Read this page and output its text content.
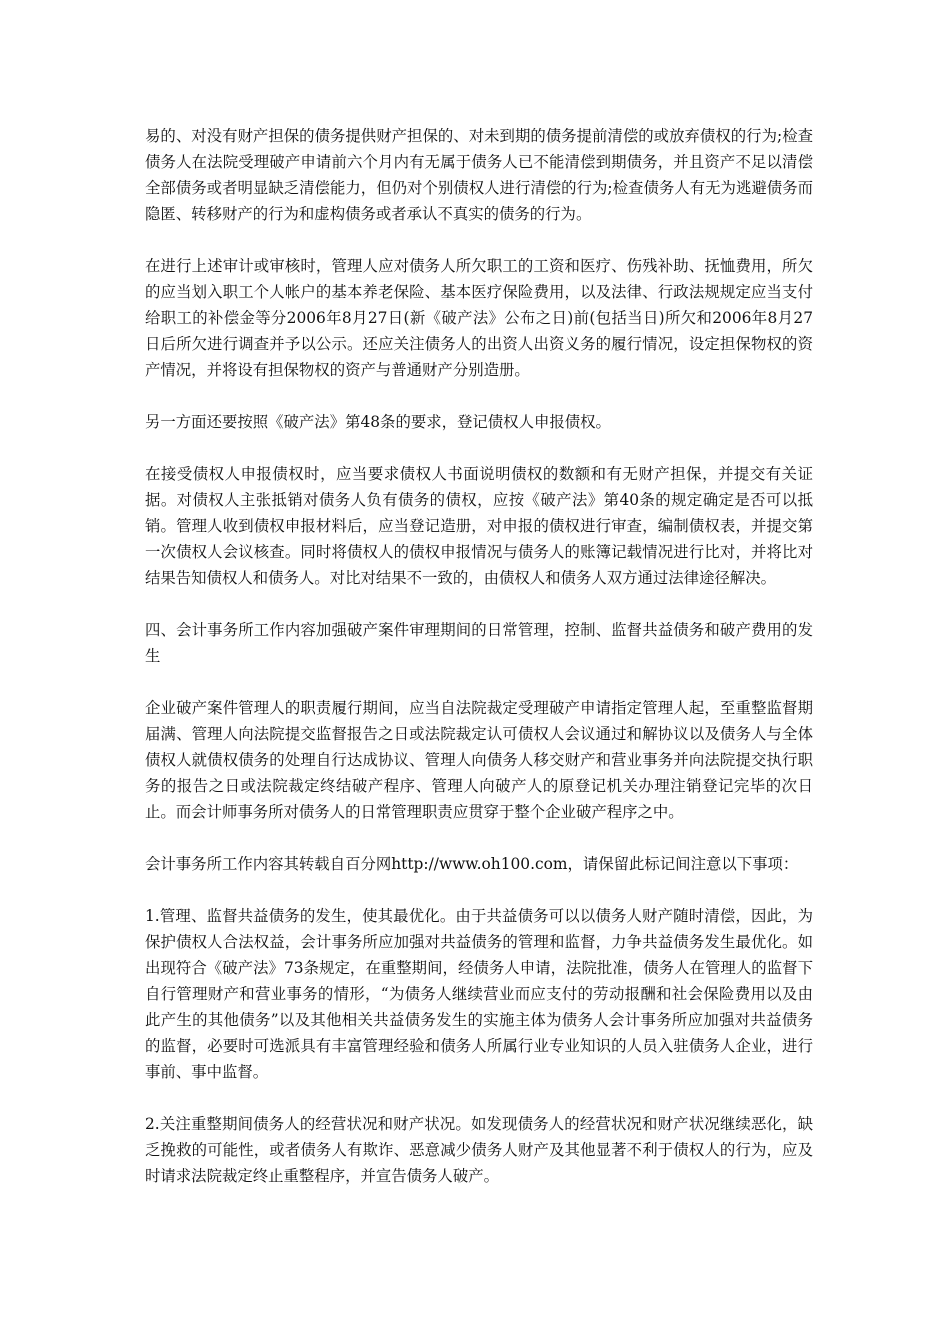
易的、对没有财产担保的债务提供财产担保的、对未到期的债务提前清偿的或放弃债权的行为;检查债务人在法院受理破产申请前六个月内有无属于债务人已不能清偿到期债务，并且资产不足以清偿全部债务或者明显缺乏清偿能力，但仍对个别债权人进行清偿的行为;检查债务人有无为逃避债务而隐匿、转移财产的行为和虚构债务或者承认不真实的债务的行为。

在进行上述审计或审核时，管理人应对债务人所欠职工的工资和医疗、伤残补助、抚恤费用，所欠的应当划入职工个人帐户的基本养老保险、基本医疗保险费用，以及法律、行政法规规定应当支付给职工的补偿金等分2006年8月27日(新《破产法》公布之日)前(包括当日)所欠和2006年8月27日后所欠进行调查并予以公示。还应关注债务人的出资人出资义务的履行情况，设定担保物权的资产情况，并将设有担保物权的资产与普通财产分别造册。

另一方面还要按照《破产法》第48条的要求，登记债权人申报债权。

在接受债权人申报债权时，应当要求债权人书面说明债权的数额和有无财产担保，并提交有关证据。对债权人主张抵销对债务人负有债务的债权，应按《破产法》第40条的规定确定是否可以抵销。管理人收到债权申报材料后，应当登记造册，对申报的债权进行审查，编制债权表，并提交第一次债权人会议核查。同时将债权人的债权申报情况与债务人的账簿记载情况进行比对，并将比对结果告知债权人和债务人。对比对结果不一致的，由债权人和债务人双方通过法律途径解决。

四、会计事务所工作内容加强破产案件审理期间的日常管理，控制、监督共益债务和破产费用的发生

企业破产案件管理人的职责履行期间，应当自法院裁定受理破产申请指定管理人起，至重整监督期届满、管理人向法院提交监督报告之日或法院裁定认可债权人会议通过和解协议以及债务人与全体债权人就债权债务的处理自行达成协议、管理人向债务人移交财产和营业事务并向法院提交执行职务的报告之日或法院裁定终结破产程序、管理人向破产人的原登记机关办理注销登记完毕的次日止。而会计师事务所对债务人的日常管理职责应贯穿于整个企业破产程序之中。

会计事务所工作内容其转载自百分网http://www.oh100.com，请保留此标记间注意以下事项：

1.管理、监督共益债务的发生，使其最优化。由于共益债务可以以债务人财产随时清偿，因此，为保护债权人合法权益，会计事务所应加强对共益债务的管理和监督，力争共益债务发生最优化。如出现符合《破产法》73条规定，在重整期间，经债务人申请，法院批准，债务人在管理人的监督下自行管理财产和营业事务的情形，“为债务人继续营业而应支付的劳动报酬和社会保险费用以及由此产生的其他债务”以及其他相关共益债务发生的实施主体为债务人会计事务所应加强对共益债务的监督，必要时可选派具有丰富管理经验和债务人所属行业专业知识的人员入驻债务人企业，进行事前、事中监督。

2.关注重整期间债务人的经营状况和财产状况。如发现债务人的经营状况和财产状况继续恶化，缺乏挽救的可能性，或者债务人有欺诈、恶意减少债务人财产及其他显著不利于债权人的行为，应及时请求法院裁定终止重整程序，并宣告债务人破产。
